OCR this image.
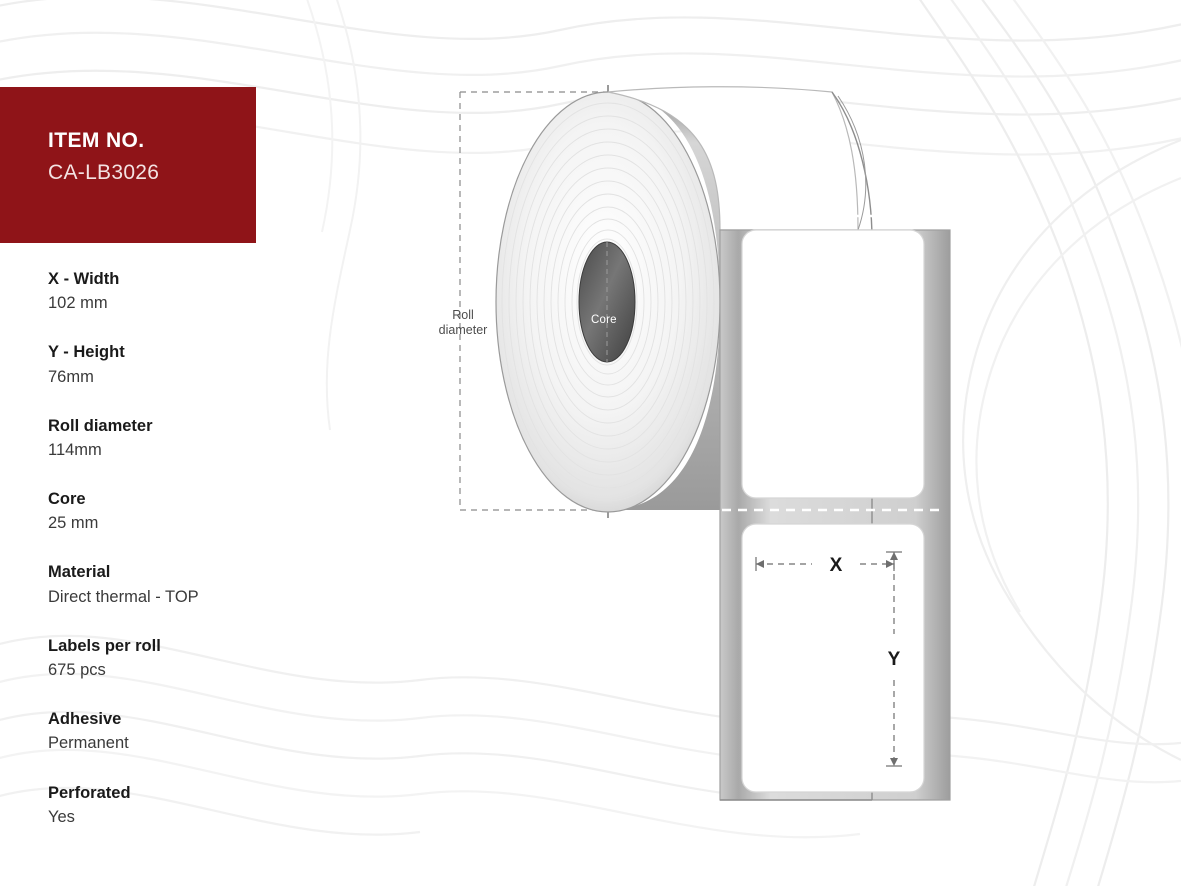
ITEM NO.
CA-LB3026
X - Width
102 mm
Y - Height
76mm
Roll diameter
114mm
Core
25 mm
Material
Direct thermal - TOP
Labels per roll
675 pcs
Adhesive
Permanent
Perforated
Yes
X
Y
Roll
diameter
Core
